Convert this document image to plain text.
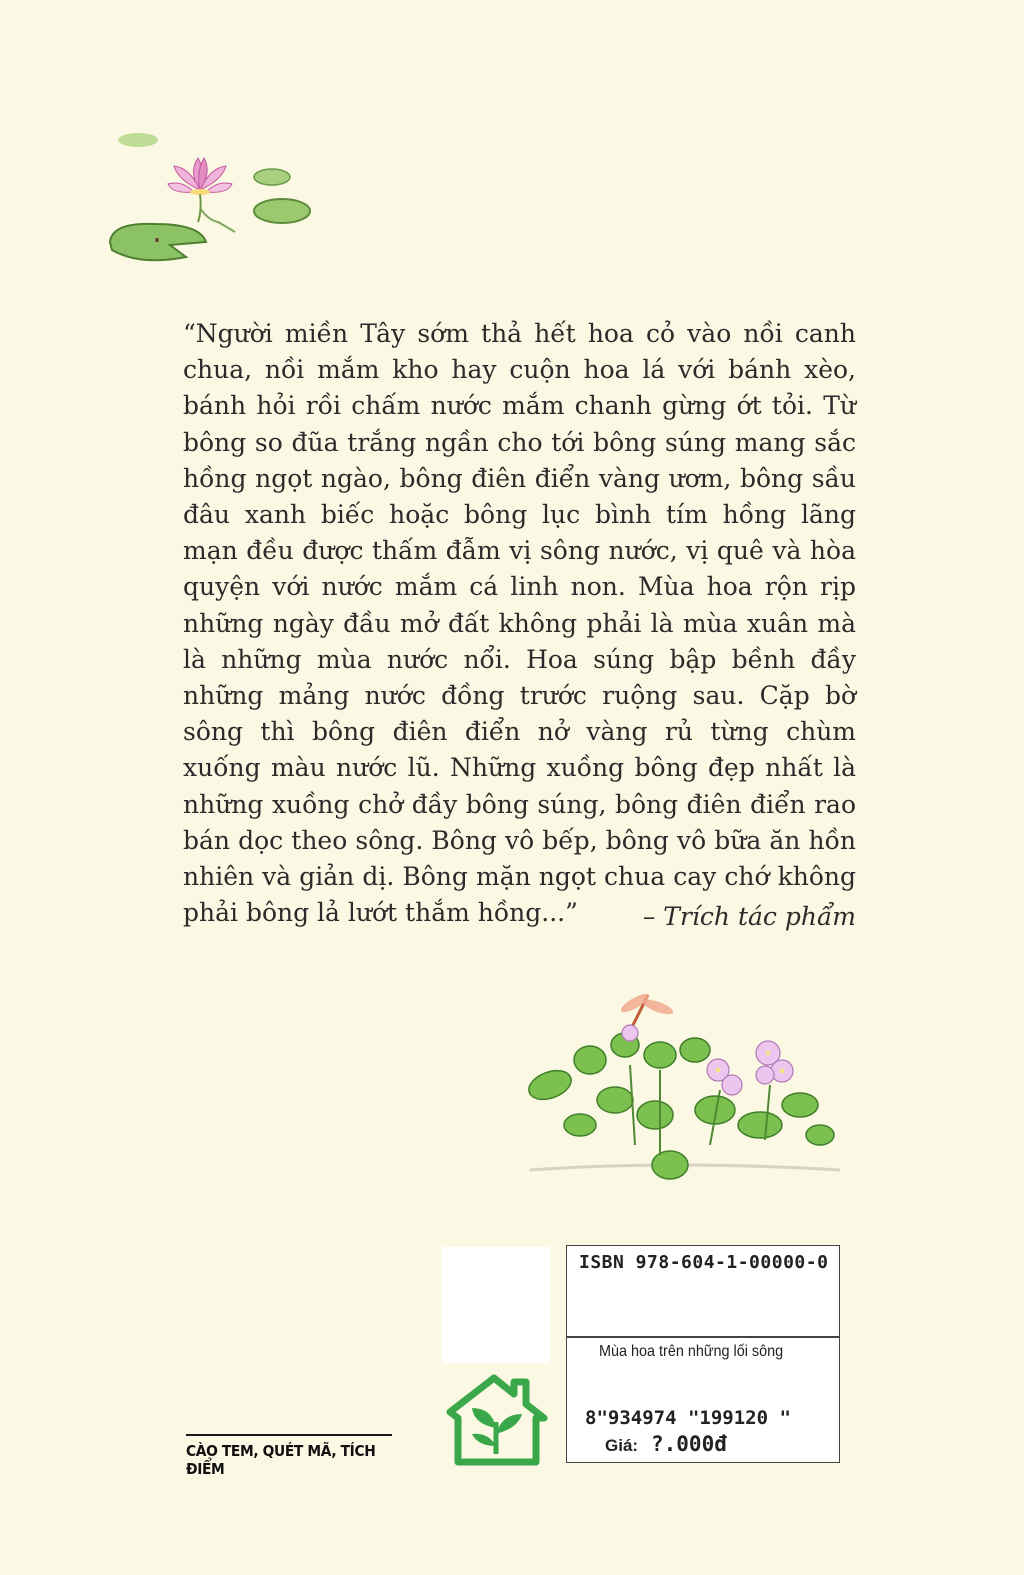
“Người miền Tây sớm thả hết hoa cỏ vào nồi canh chua, nồi mắm kho hay cuộn hoa lá với bánh xèo, bánh hỏi rồi chấm nước mắm chanh gừng ớt tỏi. Từ bông so đũa trắng ngần cho tới bông súng mang sắc hồng ngọt ngào, bông điên điển vàng ươm, bông sầu đâu xanh biếc hoặc bông lục bình tím hồng lãng mạn đều được thấm đẫm vị sông nước, vị quê và hòa quyện với nước mắm cá linh non. Mùa hoa rộn rịp những ngày đầu mở đất không phải là mùa xuân mà là những mùa nước nổi. Hoa súng bập bềnh đầy những mảng nước đồng trước ruộng sau. Cặp bờ sông thì bông điên điển nở vàng rủ từng chùm xuống màu nước lũ. Những xuồng bông đẹp nhất là những xuồng chở đầy bông súng, bông điên điển rao bán dọc theo sông. Bông vô bếp, bông vô bữa ăn hồn nhiên và giản dị. Bông mặn ngọt chua cay chớ không phải bông lả lướt thắm hồng...”	– Trích tác phẩm
CÀO TEM, QUÉT MÃ, TÍCH ĐIỂM
ISBN 978-604-1-00000-0
Mùa hoa trên những lối sông
8"934974 "199120 "
Giá: ?.000đ
